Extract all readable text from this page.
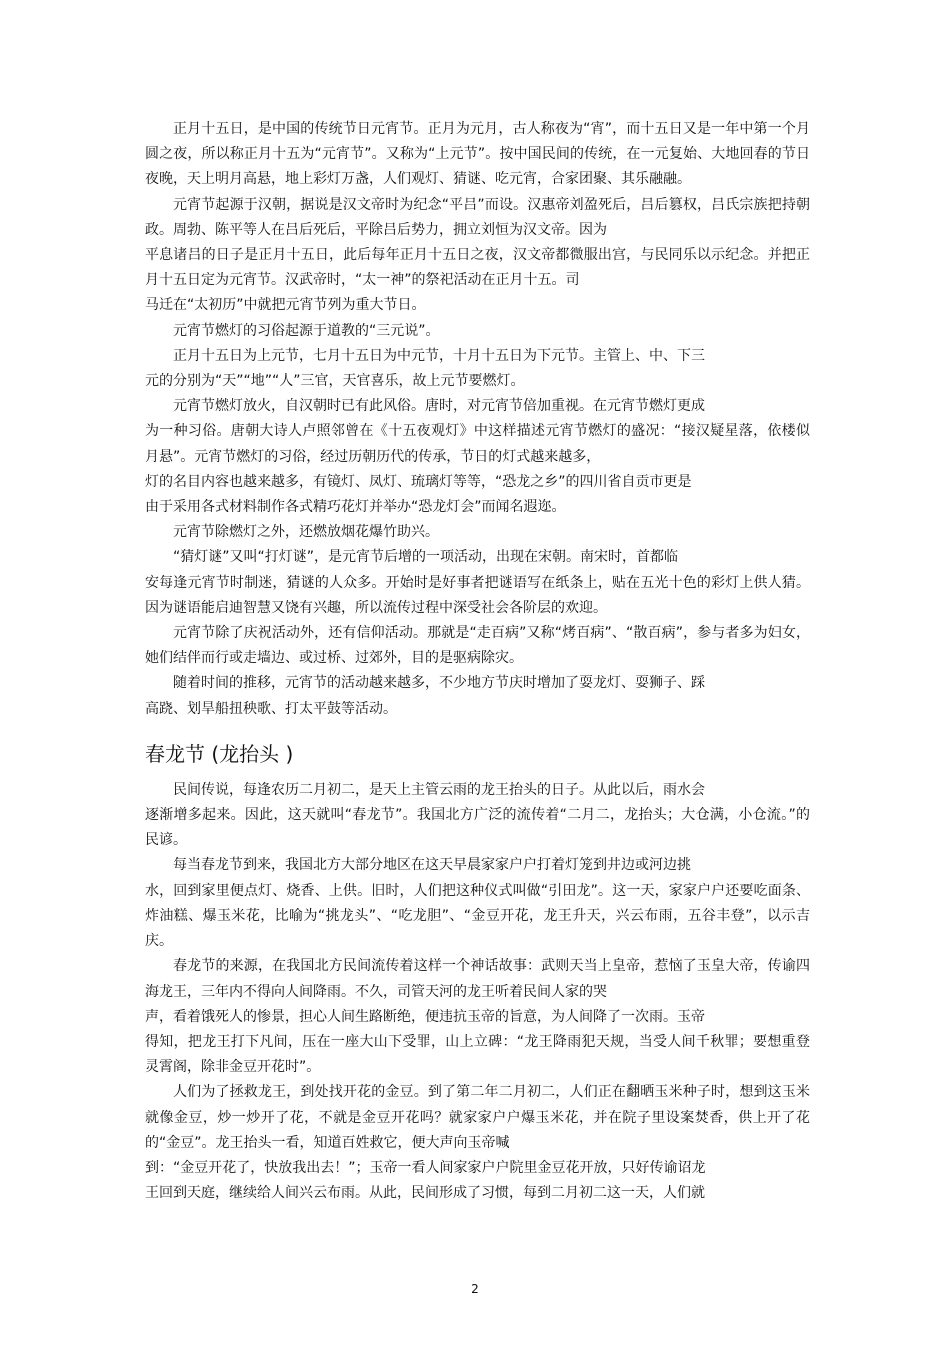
正月十五日，是中国的传统节日元宵节。正月为元月，古人称夜为“宵”，而十五日又是一年中第一个月圆之夜，所以称正月十五为“元宵节”。又称为“上元节”。按中国民间的传统，在一元复始、大地回春的节日夜晚，天上明月高悬，地上彩灯万盏，人们观灯、猜谜、吃元宵，合家团聚、其乐融融。

元宵节起源于汉朝，据说是汉文帝时为纪念“平吕”而设。汉惠帝刘盈死后，吕后篡权，吕氏宗族把持朝政。周勃、陈平等人在吕后死后，平除吕后势力，拥立刘恒为汉文帝。因为
平息诸吕的日子是正月十五日，此后每年正月十五日之夜，汉文帝都微服出宫，与民同乐以示纪念。并把正月十五日定为元宵节。汉武帝时，“太一神”的祭祀活动在正月十五。司
马迁在“太初历”中就把元宵节列为重大节日。

元宵节燃灯的习俗起源于道教的“三元说”。

正月十五日为上元节，七月十五日为中元节，十月十五日为下元节。主管上、中、下三
元的分别为“天”“地”“人”三官，天官喜乐，故上元节要燃灯。

元宵节燃灯放火，自汉朝时已有此风俗。唐时，对元宵节倍加重视。在元宵节燃灯更成
为一种习俗。唐朝大诗人卢照邻曾在《十五夜观灯》中这样描述元宵节燃灯的盛况：“接汉疑星落，依楼似月悬”。元宵节燃灯的习俗，经过历朝历代的传承，节日的灯式越来越多，
灯的名目内容也越来越多，有镜灯、凤灯、琉璃灯等等，“恐龙之乡”的四川省自贡市更是
由于采用各式材料制作各式精巧花灯并举办“恐龙灯会”而闻名遐迩。

元宵节除燃灯之外，还燃放烟花爆竹助兴。

“猜灯谜”又叫“打灯谜”，是元宵节后增的一项活动，出现在宋朝。南宋时，首都临
安每逢元宵节时制迷，猜谜的人众多。开始时是好事者把谜语写在纸条上，贴在五光十色的彩灯上供人猜。因为谜语能启迪智慧又饶有兴趣，所以流传过程中深受社会各阶层的欢迎。

元宵节除了庆祝活动外，还有信仰活动。那就是“走百病”又称“烤百病”、“散百病”，参与者多为妇女，她们结伴而行或走墙边、或过桥、过郊外，目的是驱病除灾。

随着时间的推移，元宵节的活动越来越多，不少地方节庆时增加了耍龙灯、耍狮子、踩
高跷、划旱船扭秧歌、打太平鼓等活动。

春龙节 (龙抬头 )

民间传说，每逢农历二月初二，是天上主管云雨的龙王抬头的日子。从此以后，雨水会
逐渐增多起来。因此，这天就叫“春龙节”。我国北方广泛的流传着“二月二，龙抬头；大仓满，小仓流。”的民谚。

每当春龙节到来，我国北方大部分地区在这天早晨家家户户打着灯笼到井边或河边挑
水，回到家里便点灯、烧香、上供。旧时，人们把这种仪式叫做“引田龙”。这一天，家家户户还要吃面条、炸油糕、爆玉米花，比喻为“挑龙头”、“吃龙胆”、“金豆开花，龙王升天，兴云布雨，五谷丰登”，以示吉庆。

春龙节的来源，在我国北方民间流传着这样一个神话故事：武则天当上皇帝，惹恼了玉皇大帝，传谕四海龙王，三年内不得向人间降雨。不久，司管天河的龙王听着民间人家的哭
声，看着饿死人的惨景，担心人间生路断绝，便违抗玉帝的旨意，为人间降了一次雨。玉帝
得知，把龙王打下凡间，压在一座大山下受罪，山上立碑：“龙王降雨犯天规，当受人间千秋罪；要想重登灵霄阁，除非金豆开花时”。

人们为了拯救龙王，到处找开花的金豆。到了第二年二月初二，人们正在翻晒玉米种子时，想到这玉米就像金豆，炒一炒开了花，不就是金豆开花吗？就家家户户爆玉米花，并在院子里设案焚香，供上开了花的“金豆”。龙王抬头一看，知道百姓救它，便大声向玉帝喊
到：“金豆开花了，快放我出去！”；玉帝一看人间家家户户院里金豆花开放，只好传谕诏龙
王回到天庭，继续给人间兴云布雨。从此，民间形成了习惯，每到二月初二这一天，人们就

2
